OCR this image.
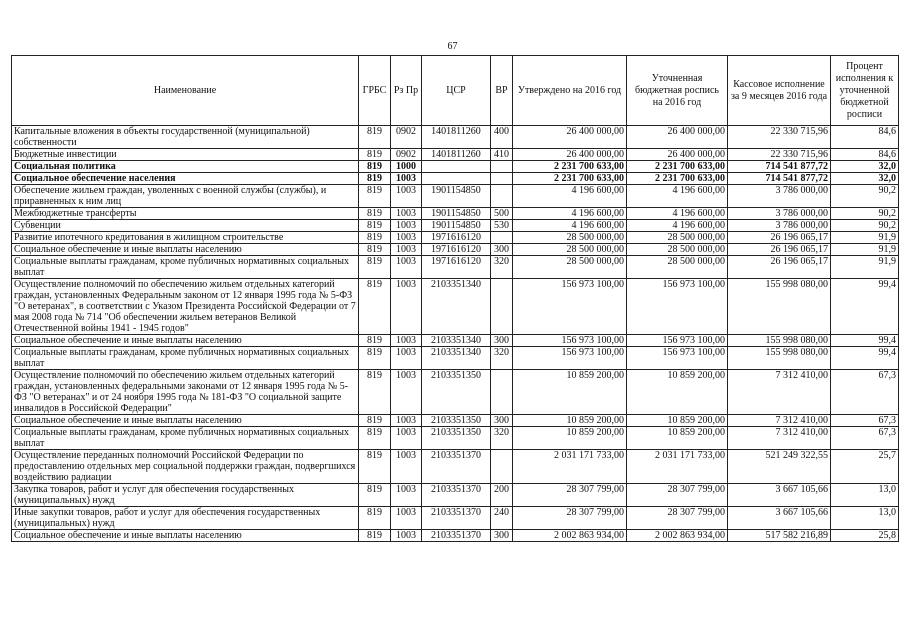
67
Наименование	ГРБС	Рз Пр	ЦСР	ВР	Утверждено на 2016 год	Уточненная бюджетная роспись на 2016 год	Кассовое исполнение за 9 месяцев 2016 года	Процент исполнения к уточненной бюджетной росписи
Капитальные вложения в объекты государственной (муниципальной) собственности	819	0902	1401811260	400	26 400 000,00	26 400 000,00	22 330 715,96	84,6
Бюджетные инвестиции	819	0902	1401811260	410	26 400 000,00	26 400 000,00	22 330 715,96	84,6
Социальная политика	819	1000			2 231 700 633,00	2 231 700 633,00	714 541 877,72	32,0
Социальное обеспечение населения	819	1003			2 231 700 633,00	2 231 700 633,00	714 541 877,72	32,0
Обеспечение жильем граждан, уволенных с военной службы (службы), и приравненных к ним лиц	819	1003	1901154850		4 196 600,00	4 196 600,00	3 786 000,00	90,2
Межбюджетные трансферты	819	1003	1901154850	500	4 196 600,00	4 196 600,00	3 786 000,00	90,2
Субвенции	819	1003	1901154850	530	4 196 600,00	4 196 600,00	3 786 000,00	90,2
Развитие ипотечного кредитования в жилищном строительстве	819	1003	1971616120		28 500 000,00	28 500 000,00	26 196 065,17	91,9
Социальное обеспечение и иные выплаты населению	819	1003	1971616120	300	28 500 000,00	28 500 000,00	26 196 065,17	91,9
Социальные выплаты гражданам, кроме публичных нормативных социальных выплат	819	1003	1971616120	320	28 500 000,00	28 500 000,00	26 196 065,17	91,9
Осуществление полномочий по обеспечению жильем отдельных категорий граждан, установленных Федеральным законом от 12 января 1995 года № 5-ФЗ "О ветеранах", в соответствии с Указом Президента Российской Федерации от 7 мая 2008 года № 714 "Об обеспечении жильем ветеранов Великой Отечественной войны 1941 - 1945 годов"	819	1003	2103351340		156 973 100,00	156 973 100,00	155 998 080,00	99,4
Социальное обеспечение и иные выплаты населению	819	1003	2103351340	300	156 973 100,00	156 973 100,00	155 998 080,00	99,4
Социальные выплаты гражданам, кроме публичных нормативных социальных выплат	819	1003	2103351340	320	156 973 100,00	156 973 100,00	155 998 080,00	99,4
Осуществление полномочий по обеспечению жильем отдельных категорий граждан, установленных федеральными законами от 12 января 1995 года № 5-ФЗ "О ветеранах" и от 24 ноября 1995 года № 181-ФЗ "О социальной защите инвалидов в Российской Федерации"	819	1003	2103351350		10 859 200,00	10 859 200,00	7 312 410,00	67,3
Социальное обеспечение и иные выплаты населению	819	1003	2103351350	300	10 859 200,00	10 859 200,00	7 312 410,00	67,3
Социальные выплаты гражданам, кроме публичных нормативных социальных выплат	819	1003	2103351350	320	10 859 200,00	10 859 200,00	7 312 410,00	67,3
Осуществление переданных полномочий Российской Федерации по предоставлению отдельных мер социальной поддержки граждан, подвергшихся воздействию радиации	819	1003	2103351370		2 031 171 733,00	2 031 171 733,00	521 249 322,55	25,7
Закупка товаров, работ и услуг для обеспечения государственных (муниципальных) нужд	819	1003	2103351370	200	28 307 799,00	28 307 799,00	3 667 105,66	13,0
Иные закупки товаров, работ и услуг для обеспечения государственных (муниципальных) нужд	819	1003	2103351370	240	28 307 799,00	28 307 799,00	3 667 105,66	13,0
Социальное обеспечение и иные выплаты населению	819	1003	2103351370	300	2 002 863 934,00	2 002 863 934,00	517 582 216,89	25,8
